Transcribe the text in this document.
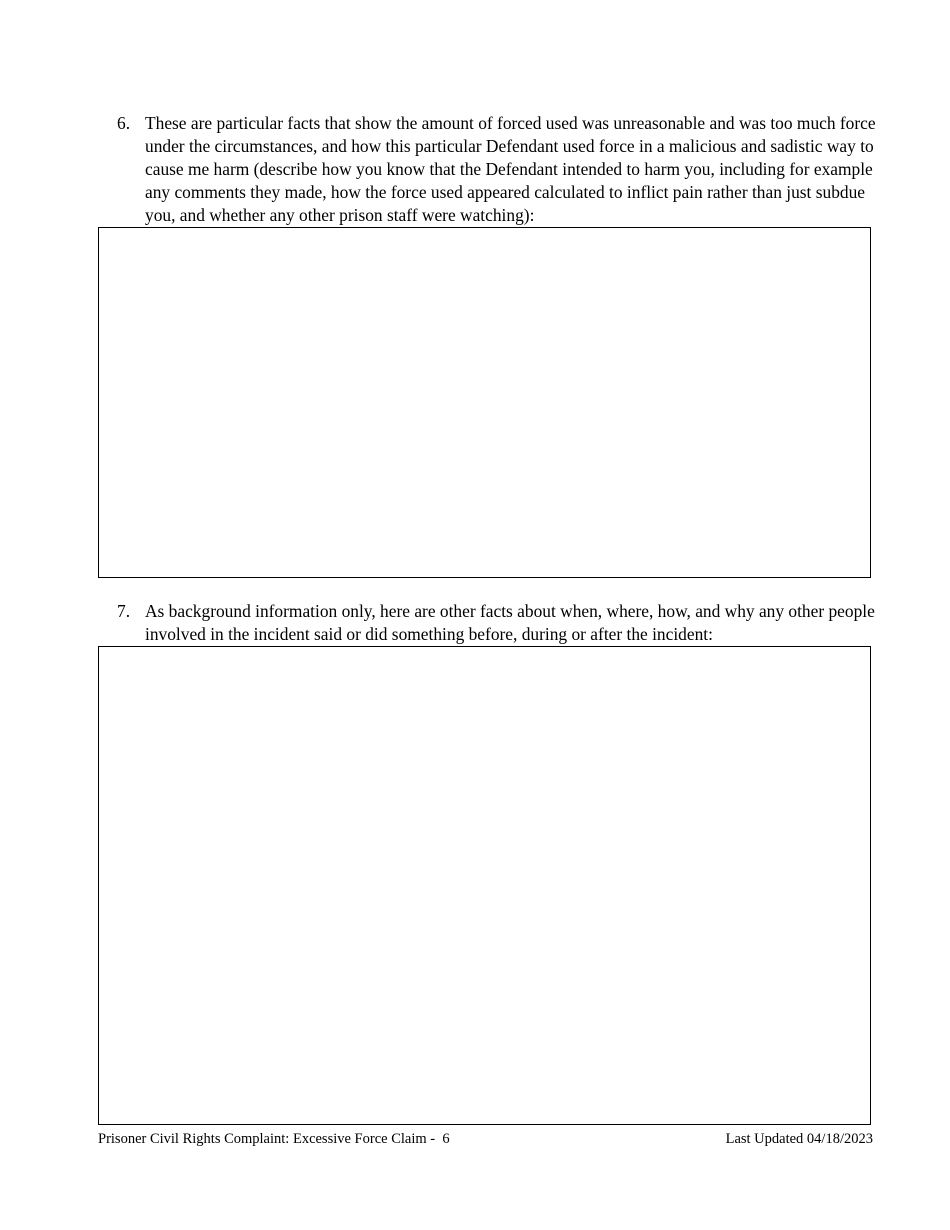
6. These are particular facts that show the amount of forced used was unreasonable and was too much force under the circumstances, and how this particular Defendant used force in a malicious and sadistic way to cause me harm (describe how you know that the Defendant intended to harm you, including for example any comments they made, how the force used appeared calculated to inflict pain rather than just subdue you, and whether any other prison staff were watching):
7. As background information only, here are other facts about when, where, how, and why any other people involved in the incident said or did something before, during or after the incident:
Prisoner Civil Rights Complaint: Excessive Force Claim -  6	Last Updated 04/18/2023
